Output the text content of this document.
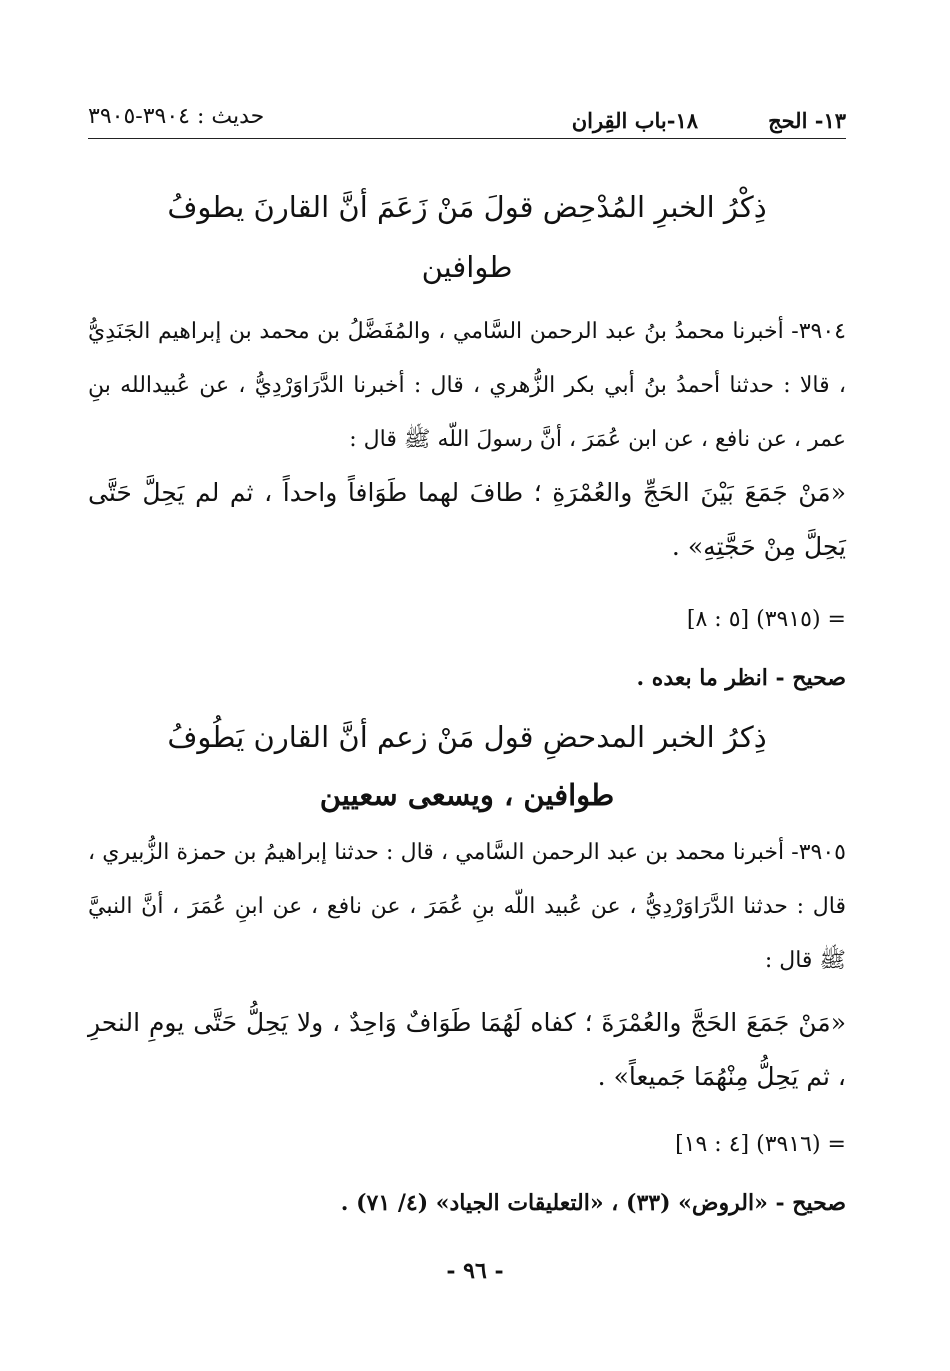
١٣- الحج
١٨-باب القِران
حديث : ٣٩٠٤-٣٩٠٥
ذِكْرُ الخبرِ المُدْحِض قولَ مَنْ زَعَمَ أنَّ القارنَ يطوفُ
طوافين
٣٩٠٤- أخبرنا محمدُ بنُ عبد الرحمن السَّامي ، والمُفَضَّلُ بن محمد بن إبراهيم الجَنَدِيُّ ، قالا : حدثنا أحمدُ بنُ أبي بكر الزُّهري ، قال : أخبرنا الدَّرَاوَرْدِيُّ ، عن عُبيدالله بنِ عمر ، عن نافع ، عن ابن عُمَرَ ، أنَّ رسولَ اللّه ﷺ قال :
«مَنْ جَمَعَ بَيْنَ الحَجِّ والعُمْرَةِ ؛ طافَ لهما طَوَافاً واحداً ، ثم لم يَحِلَّ حَتَّى يَحِلَّ مِنْ حَجَّتِهِ» .
= (٣٩١٥) [٥ : ٨]
صحيح - انظر ما بعده .
ذِكرُ الخبر المدحضِ قول مَنْ زعم أنَّ القارن يَطُوفُ
طوافين ، ويسعى سعيين
٣٩٠٥- أخبرنا محمد بن عبد الرحمن السَّامي ، قال : حدثنا إبراهيمُ بن حمزة الزُّبيري ، قال : حدثنا الدَّرَاوَرْدِيُّ ، عن عُبيد اللّه بنِ عُمَرَ ، عن نافع ، عن ابنِ عُمَرَ ، أنَّ النبيَّ ﷺ قال :
«مَنْ جَمَعَ الحَجَّ والعُمْرَةَ ؛ كفاه لَهُمَا طَوَافٌ وَاحِدٌ ، ولا يَحِلُّ حَتَّى يومِ النحرِ ، ثم يَحِلُّ مِنْهُمَا جَميعاً» .
= (٣٩١٦) [٤ : ١٩]
صحيح - «الروض» (٣٣) ، «التعليقات الجياد» (٤/ ٧١) .
- ٩٦ -
